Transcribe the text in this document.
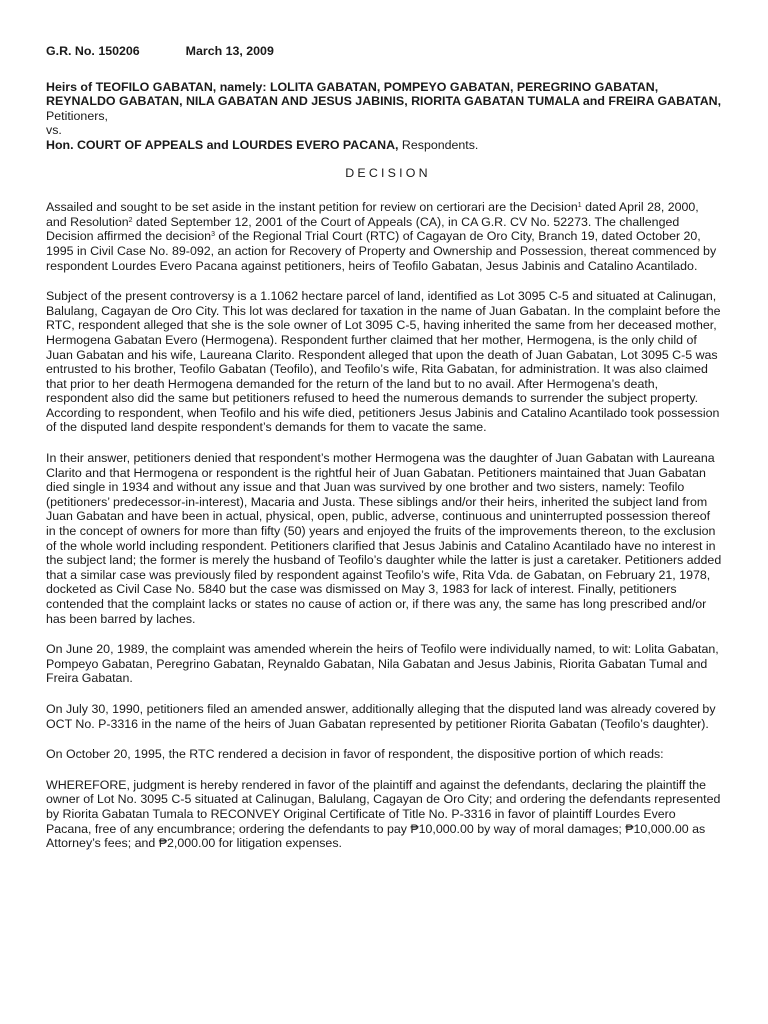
G.R. No. 150206	March 13, 2009
Heirs of TEOFILO GABATAN, namely: LOLITA GABATAN, POMPEYO GABATAN, PEREGRINO GABATAN, REYNALDO GABATAN, NILA GABATAN AND JESUS JABINIS, RIORITA GABATAN TUMALA and FREIRA GABATAN, Petitioners,
vs.
Hon. COURT OF APPEALS and LOURDES EVERO PACANA, Respondents.
DECISION

Assailed and sought to be set aside in the instant petition for review on certiorari are the Decision$^1$ dated April 28, 2000, and Resolution$^2$ dated September 12, 2001 of the Court of Appeals (CA), in CA G.R. CV No. 52273. The challenged Decision affirmed the decision$^3$ of the Regional Trial Court (RTC) of Cagayan de Oro City, Branch 19, dated October 20, 1995 in Civil Case No. 89-092, an action for Recovery of Property and Ownership and Possession, thereat commenced by respondent Lourdes Evero Pacana against petitioners, heirs of Teofilo Gabatan, Jesus Jabinis and Catalino Acantilado.

Subject of the present controversy is a 1.1062 hectare parcel of land, identified as Lot 3095 C-5 and situated at Calinugan, Balulang, Cagayan de Oro City. This lot was declared for taxation in the name of Juan Gabatan. In the complaint before the RTC, respondent alleged that she is the sole owner of Lot 3095 C-5, having inherited the same from her deceased mother, Hermogena Gabatan Evero (Hermogena). Respondent further claimed that her mother, Hermogena, is the only child of Juan Gabatan and his wife, Laureana Clarito. Respondent alleged that upon the death of Juan Gabatan, Lot 3095 C-5 was entrusted to his brother, Teofilo Gabatan (Teofilo), and Teofilo’s wife, Rita Gabatan, for administration. It was also claimed that prior to her death Hermogena demanded for the return of the land but to no avail. After Hermogena’s death, respondent also did the same but petitioners refused to heed the numerous demands to surrender the subject property. According to respondent, when Teofilo and his wife died, petitioners Jesus Jabinis and Catalino Acantilado took possession of the disputed land despite respondent’s demands for them to vacate the same.

In their answer, petitioners denied that respondent’s mother Hermogena was the daughter of Juan Gabatan with Laureana Clarito and that Hermogena or respondent is the rightful heir of Juan Gabatan. Petitioners maintained that Juan Gabatan died single in 1934 and without any issue and that Juan was survived by one brother and two sisters, namely: Teofilo (petitioners’ predecessor-in-interest), Macaria and Justa. These siblings and/or their heirs, inherited the subject land from Juan Gabatan and have been in actual, physical, open, public, adverse, continuous and uninterrupted possession thereof in the concept of owners for more than fifty (50) years and enjoyed the fruits of the improvements thereon, to the exclusion of the whole world including respondent. Petitioners clarified that Jesus Jabinis and Catalino Acantilado have no interest in the subject land; the former is merely the husband of Teofilo’s daughter while the latter is just a caretaker. Petitioners added that a similar case was previously filed by respondent against Teofilo’s wife, Rita Vda. de Gabatan, on February 21, 1978, docketed as Civil Case No. 5840 but the case was dismissed on May 3, 1983 for lack of interest. Finally, petitioners contended that the complaint lacks or states no cause of action or, if there was any, the same has long prescribed and/or has been barred by laches.

On June 20, 1989, the complaint was amended wherein the heirs of Teofilo were individually named, to wit: Lolita Gabatan, Pompeyo Gabatan, Peregrino Gabatan, Reynaldo Gabatan, Nila Gabatan and Jesus Jabinis, Riorita Gabatan Tumal and Freira Gabatan.

On July 30, 1990, petitioners filed an amended answer, additionally alleging that the disputed land was already covered by OCT No. P-3316 in the name of the heirs of Juan Gabatan represented by petitioner Riorita Gabatan (Teofilo’s daughter).

On October 20, 1995, the RTC rendered a decision in favor of respondent, the dispositive portion of which reads:

WHEREFORE, judgment is hereby rendered in favor of the plaintiff and against the defendants, declaring the plaintiff the owner of Lot No. 3095 C-5 situated at Calinugan, Balulang, Cagayan de Oro City; and ordering the defendants represented by Riorita Gabatan Tumala to RECONVEY Original Certificate of Title No. P-3316 in favor of plaintiff Lourdes Evero Pacana, free of any encumbrance; ordering the defendants to pay ₱10,000.00 by way of moral damages; ₱10,000.00 as Attorney’s fees; and ₱2,000.00 for litigation expenses.
